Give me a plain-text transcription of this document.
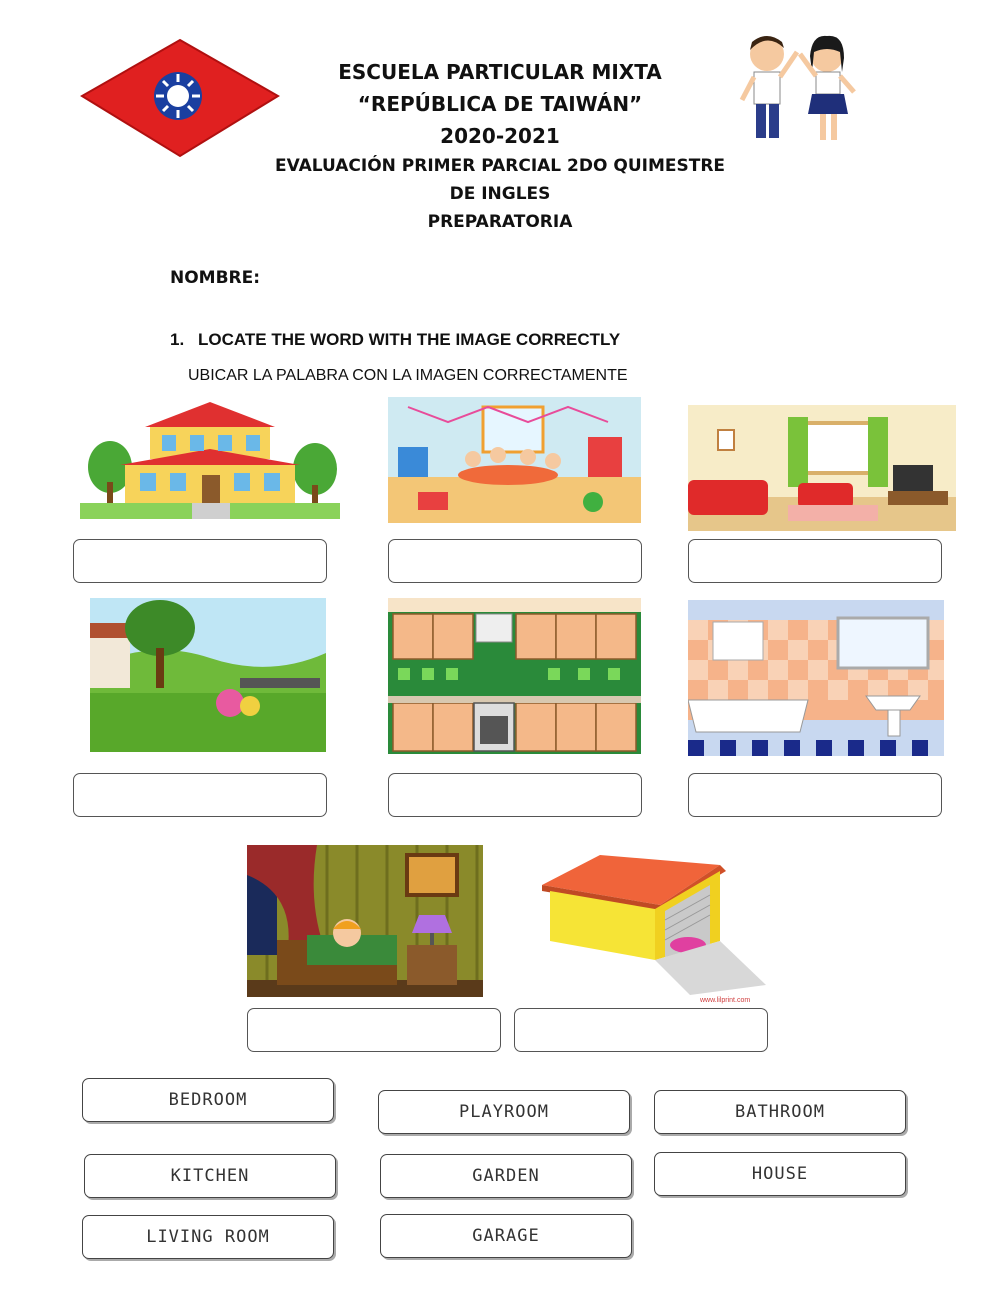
ESCUELA PARTICULAR MIXTA
“REPÚBLICA DE TAIWÁN”
2020-2021
EVALUACIÓN PRIMER PARCIAL 2DO QUIMESTRE
DE INGLES
PREPARATORIA
NOMBRE:
1. LOCATE THE WORD WITH THE IMAGE CORRECTLY
UBICAR LA PALABRA CON LA IMAGEN CORRECTAMENTE
www.lilprint.com
BEDROOM
PLAYROOM	BATHROOM
KITCHEN	GARDEN	HOUSE
LIVING ROOM	GARAGE
